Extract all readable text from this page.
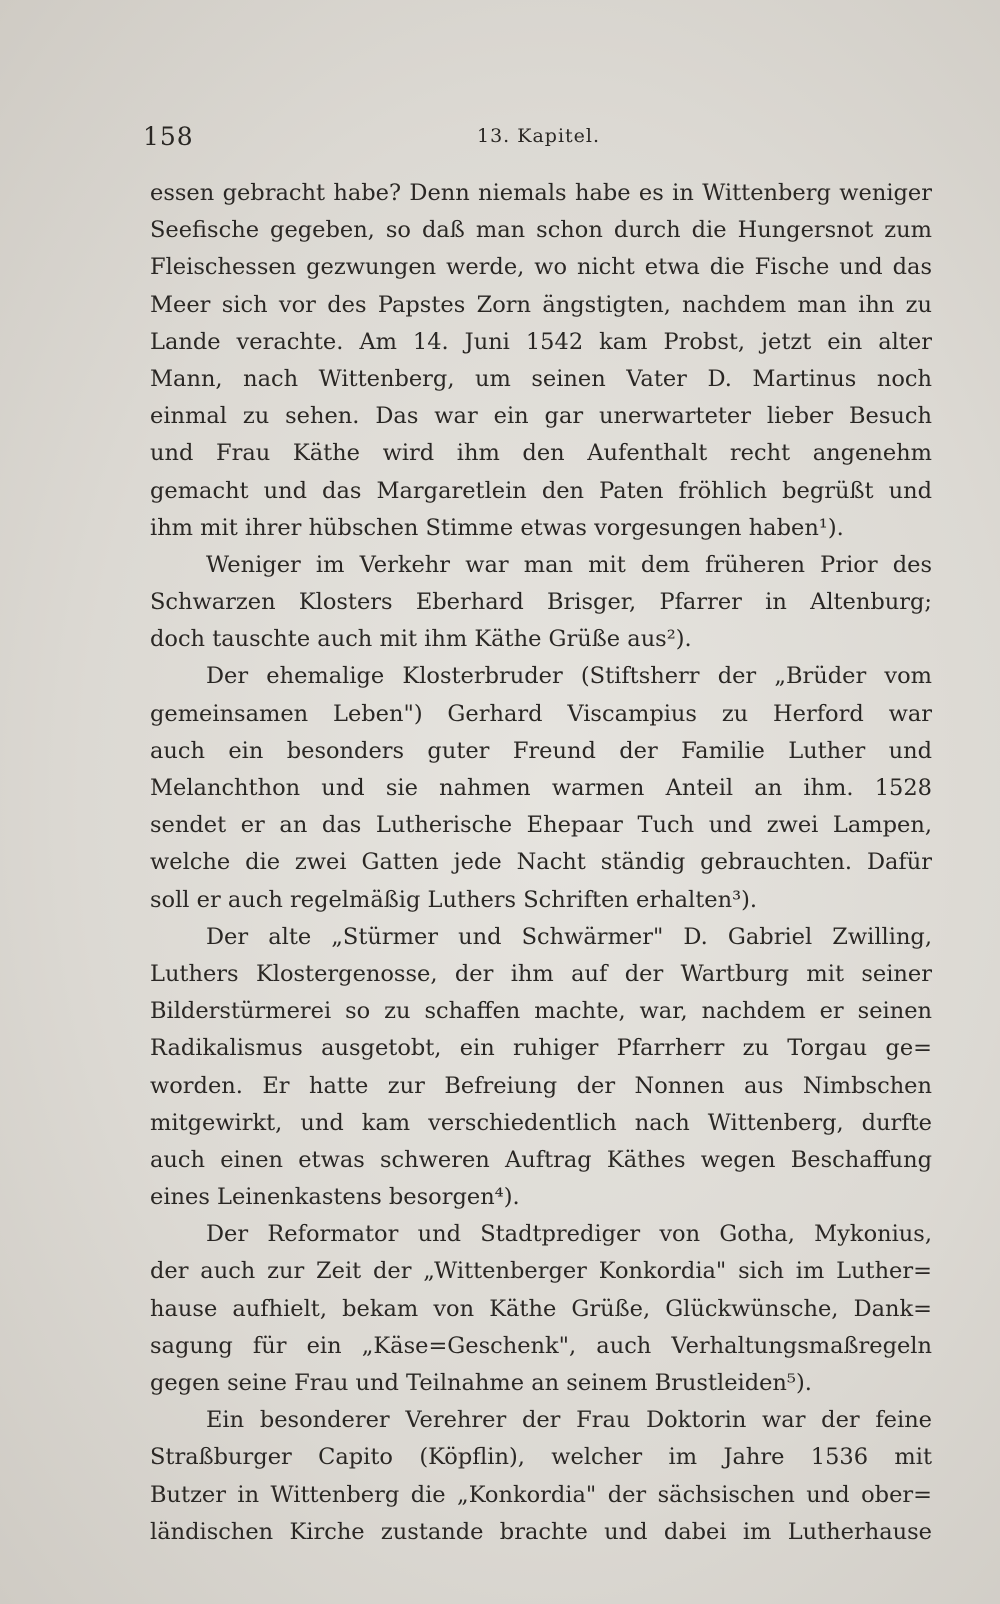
158	13. Kapitel.
essen gebracht habe? Denn niemals habe es in Wittenberg weniger
Seefische gegeben, so daß man schon durch die Hungersnot zum
Fleischessen gezwungen werde, wo nicht etwa die Fische und das
Meer sich vor des Papstes Zorn ängstigten, nachdem man ihn zu
Lande verachte. Am 14. Juni 1542 kam Probst, jetzt ein alter
Mann, nach Wittenberg, um seinen Vater D. Martinus noch
einmal zu sehen. Das war ein gar unerwarteter lieber Besuch
und Frau Käthe wird ihm den Aufenthalt recht angenehm
gemacht und das Margaretlein den Paten fröhlich begrüßt und
ihm mit ihrer hübschen Stimme etwas vorgesungen haben¹).
Weniger im Verkehr war man mit dem früheren Prior des
Schwarzen Klosters Eberhard Brisger, Pfarrer in Altenburg;
doch tauschte auch mit ihm Käthe Grüße aus²).
Der ehemalige Klosterbruder (Stiftsherr der „Brüder vom
gemeinsamen Leben") Gerhard Viscampius zu Herford war
auch ein besonders guter Freund der Familie Luther und
Melanchthon und sie nahmen warmen Anteil an ihm. 1528
sendet er an das Lutherische Ehepaar Tuch und zwei Lampen,
welche die zwei Gatten jede Nacht ständig gebrauchten. Dafür
soll er auch regelmäßig Luthers Schriften erhalten³).
Der alte „Stürmer und Schwärmer" D. Gabriel Zwilling,
Luthers Klostergenosse, der ihm auf der Wartburg mit seiner
Bilderstürmerei so zu schaffen machte, war, nachdem er seinen
Radikalismus ausgetobt, ein ruhiger Pfarrherr zu Torgau ge=
worden. Er hatte zur Befreiung der Nonnen aus Nimbschen
mitgewirkt, und kam verschiedentlich nach Wittenberg, durfte
auch einen etwas schweren Auftrag Käthes wegen Beschaffung
eines Leinenkastens besorgen⁴).
Der Reformator und Stadtprediger von Gotha, Mykonius,
der auch zur Zeit der „Wittenberger Konkordia" sich im Luther=
hause aufhielt, bekam von Käthe Grüße, Glückwünsche, Dank=
sagung für ein „Käse=Geschenk", auch Verhaltungsmaßregeln
gegen seine Frau und Teilnahme an seinem Brustleiden⁵).
Ein besonderer Verehrer der Frau Doktorin war der feine
Straßburger Capito (Köpflin), welcher im Jahre 1536 mit
Butzer in Wittenberg die „Konkordia" der sächsischen und ober=
ländischen Kirche zustande brachte und dabei im Lutherhause
